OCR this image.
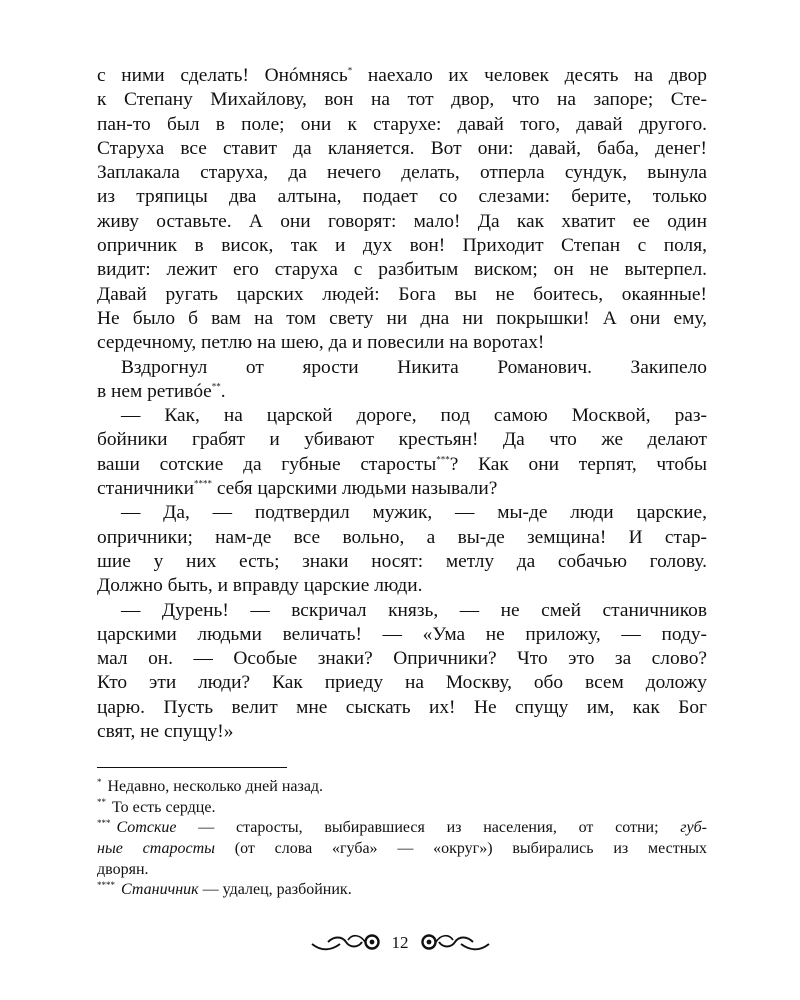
с ними сделать! Онóмнясь* наехало их человек десять на двор
к Степану Михайлову, вон на тот двор, что на запоре; Сте-
пан-то был в поле; они к старухе: давай того, давай другого.
Старуха все ставит да кланяется. Вот они: давай, баба, денег!
Заплакала старуха, да нечего делать, отперла сундук, вынула
из тряпицы два алтына, подает со слезами: берите, только
живу оставьте. А они говорят: мало! Да как хватит ее один
опричник в висок, так и дух вон! Приходит Степан с поля,
видит: лежит его старуха с разбитым виском; он не вытерпел.
Давай ругать царских людей: Бога вы не боитесь, окаянные!
Не было б вам на том свету ни дна ни покрышки! А они ему,
сердечному, петлю на шею, да и повесили на воротах!
Вздрогнул от ярости Никита Романович. Закипело
в нем ретивóе**.
— Как, на царской дороге, под самою Москвой, раз-
бойники грабят и убивают крестьян! Да что же делают
ваши сотские да губные старосты***? Как они терпят, чтобы
станичники**** себя царскими людьми называли?
— Да, — подтвердил мужик, — мы-де люди царские,
опричники; нам-де все вольно, а вы-де земщина! И стар-
шие у них есть; знаки носят: метлу да собачью голову.
Должно быть, и вправду царские люди.
— Дурень! — вскричал князь, — не смей станичников
царскими людьми величать! — «Ума не приложу, — поду-
мал он. — Особые знаки? Опричники? Что это за слово?
Кто эти люди? Как приеду на Москву, обо всем доложу
царю. Пусть велит мне сыскать их! Не спущу им, как Бог
свят, не спущу!»
* Недавно, несколько дней назад.
** То есть сердце.
*** Сотские — старосты, выбиравшиеся из населения, от сотни; губ-
ные старосты (от слова «губа» — «округ») выбирались из местных
дворян.
**** Станичник — удалец, разбойник.
12
